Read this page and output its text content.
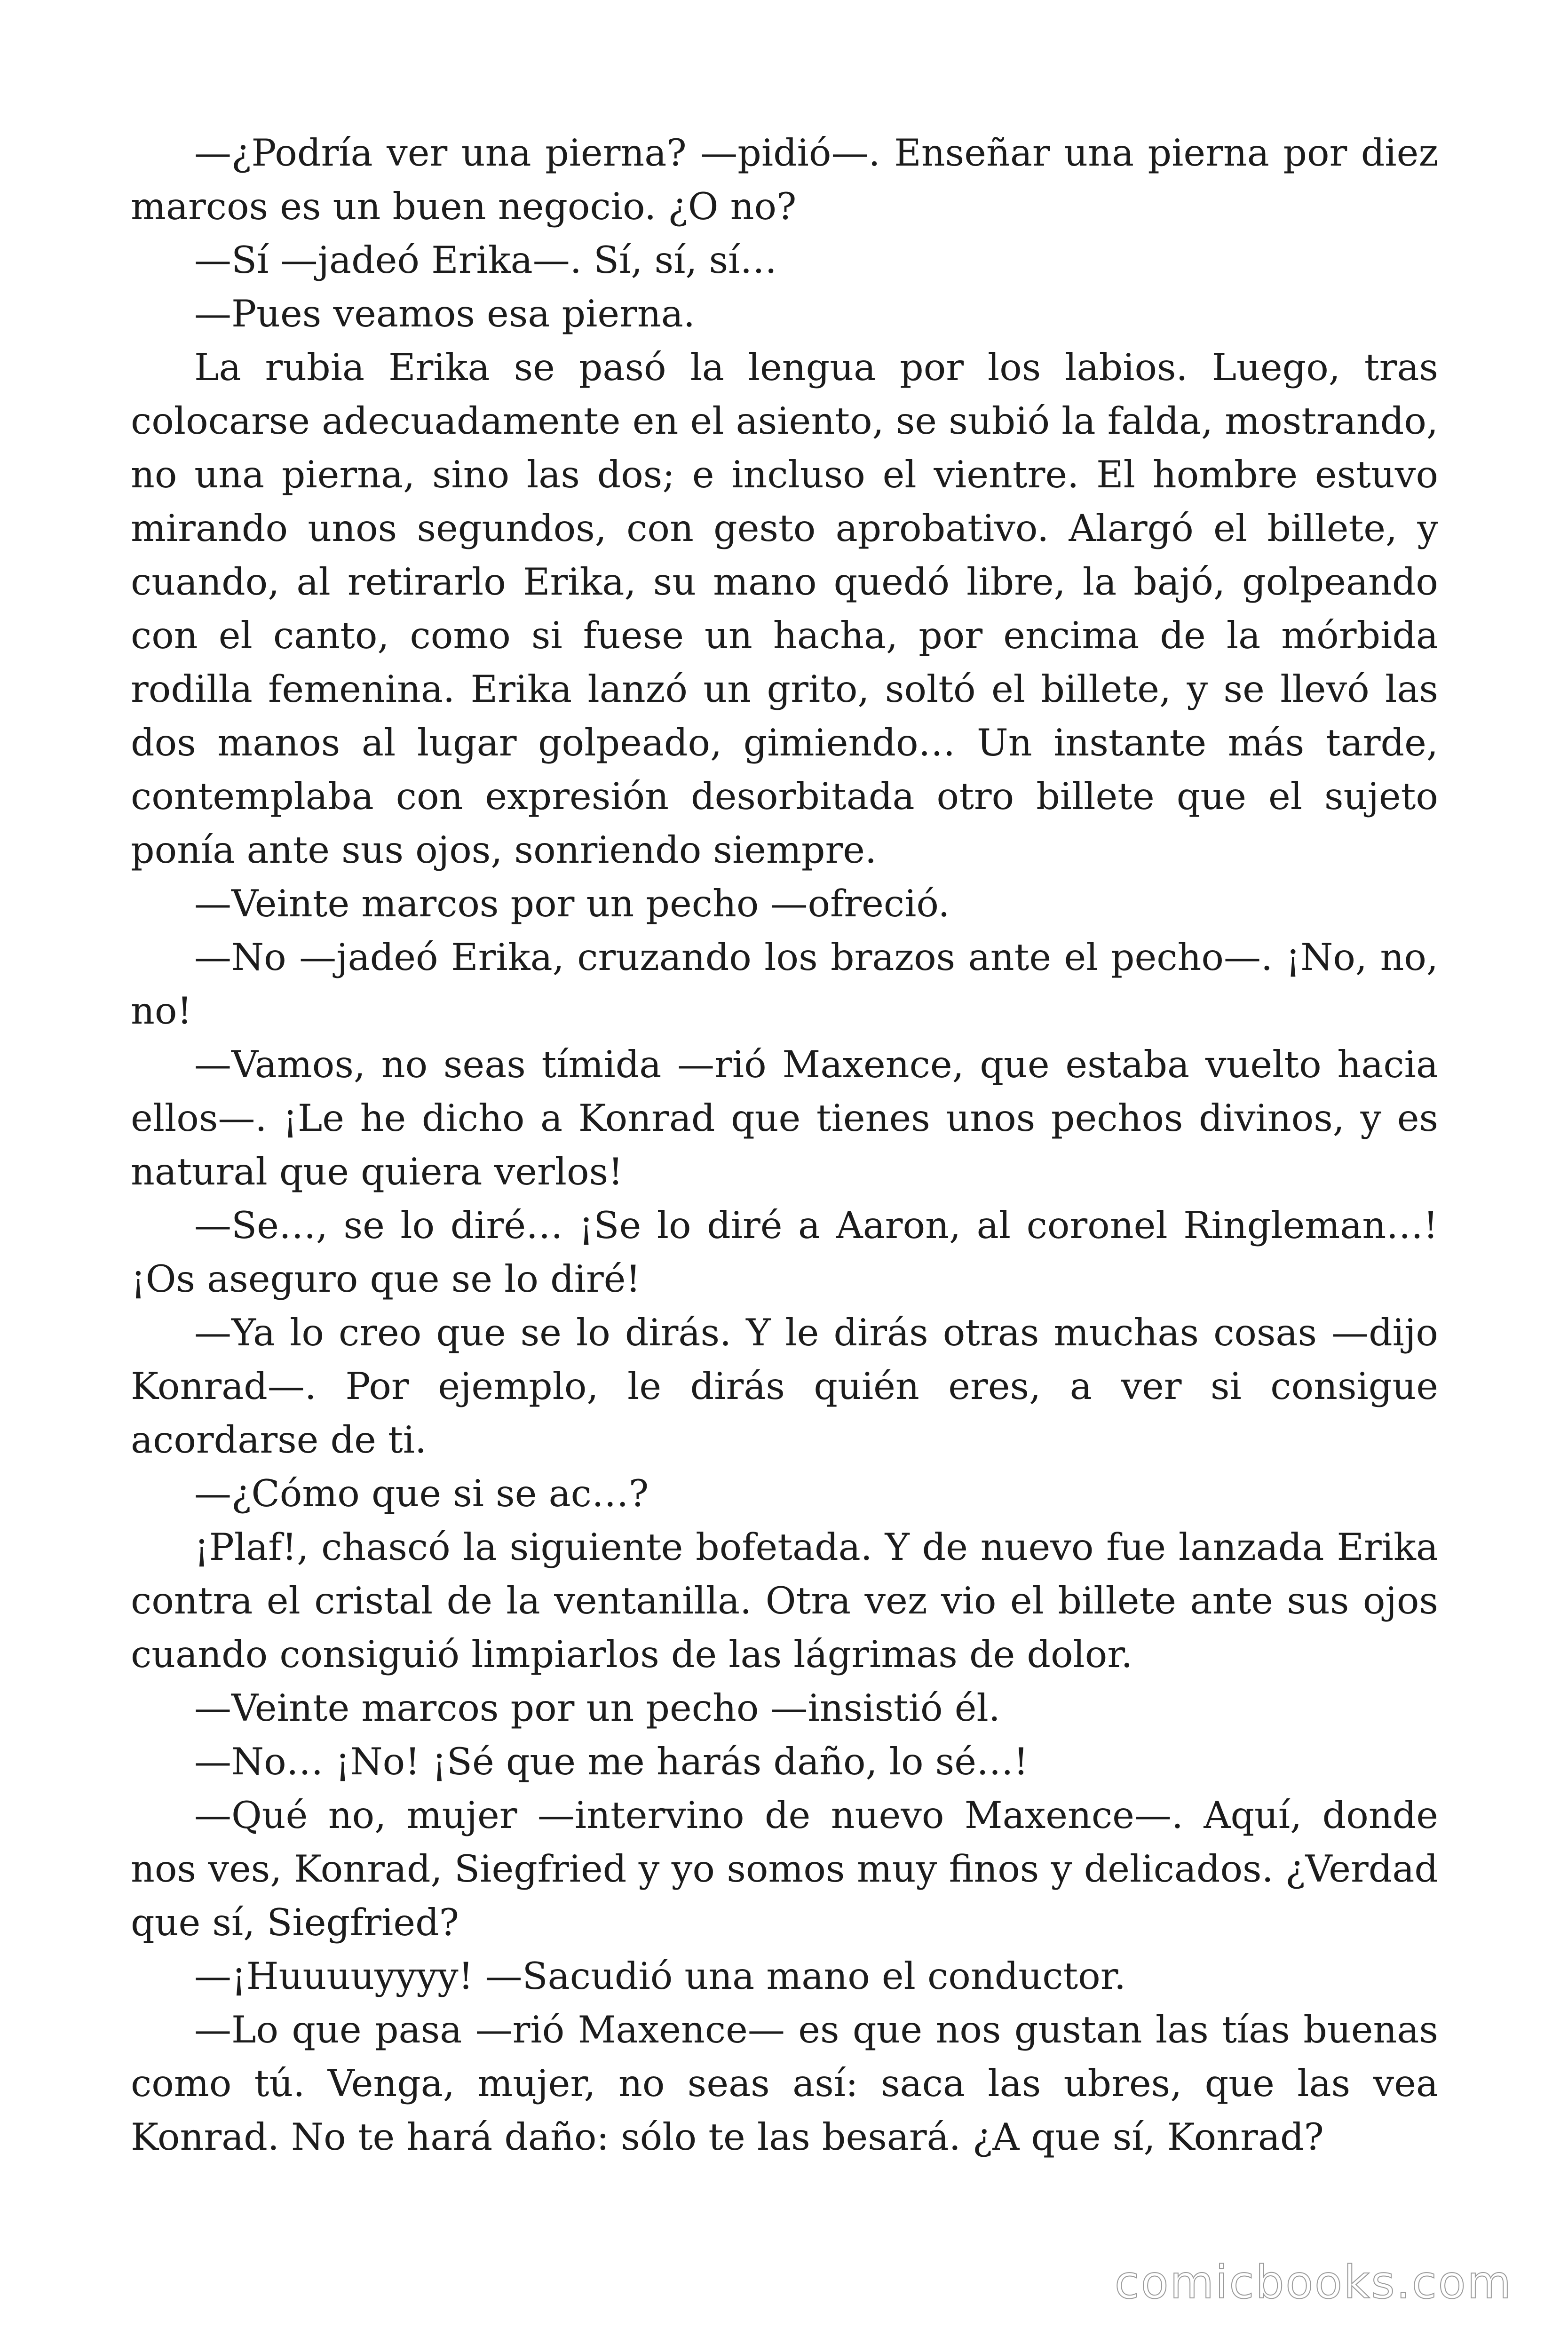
—¿Podría ver una pierna? —pidió—. Enseñar una pierna por diez marcos es un buen negocio. ¿O no?

—Sí —jadeó Erika—. Sí, sí, sí…

—Pues veamos esa pierna.

La rubia Erika se pasó la lengua por los labios. Luego, tras colocarse adecuadamente en el asiento, se subió la falda, mostrando, no una pierna, sino las dos; e incluso el vientre. El hombre estuvo mirando unos segundos, con gesto aprobativo. Alargó el billete, y cuando, al retirarlo Erika, su mano quedó libre, la bajó, golpeando con el canto, como si fuese un hacha, por encima de la mórbida rodilla femenina. Erika lanzó un grito, soltó el billete, y se llevó las dos manos al lugar golpeado, gimiendo… Un instante más tarde, contemplaba con expresión desorbitada otro billete que el sujeto ponía ante sus ojos, sonriendo siempre.

—Veinte marcos por un pecho —ofreció.

—No —jadeó Erika, cruzando los brazos ante el pecho—. ¡No, no, no!

—Vamos, no seas tímida —rió Maxence, que estaba vuelto hacia ellos—. ¡Le he dicho a Konrad que tienes unos pechos divinos, y es natural que quiera verlos!

—Se…, se lo diré… ¡Se lo diré a Aaron, al coronel Ringleman…! ¡Os aseguro que se lo diré!

—Ya lo creo que se lo dirás. Y le dirás otras muchas cosas —dijo Konrad—. Por ejemplo, le dirás quién eres, a ver si consigue acordarse de ti.

—¿Cómo que si se ac…?

¡Plaf!, chascó la siguiente bofetada. Y de nuevo fue lanzada Erika contra el cristal de la ventanilla. Otra vez vio el billete ante sus ojos cuando consiguió limpiarlos de las lágrimas de dolor.

—Veinte marcos por un pecho —insistió él.

—No… ¡No! ¡Sé que me harás daño, lo sé…!

—Qué no, mujer —intervino de nuevo Maxence—. Aquí, donde nos ves, Konrad, Siegfried y yo somos muy finos y delicados. ¿Verdad que sí, Siegfried?

—¡Huuuuyyyy! —Sacudió una mano el conductor.

—Lo que pasa —rió Maxence— es que nos gustan las tías buenas como tú. Venga, mujer, no seas así: saca las ubres, que las vea Konrad. No te hará daño: sólo te las besará. ¿A que sí, Konrad?

comicbooks.com
